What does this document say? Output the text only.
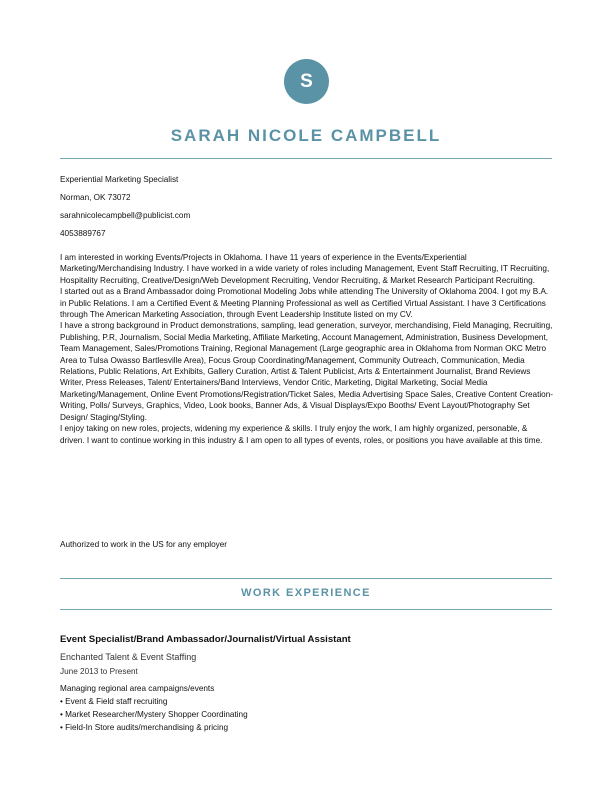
S
SARAH NICOLE CAMPBELL
Experiential Marketing Specialist
Norman, OK 73072
sarahnicolecampbell@publicist.com
4053889767

I am interested in working Events/Projects in Oklahoma. I have 11 years of experience in the Events/Experiential Marketing/Merchandising Industry. I have worked in a wide variety of roles including Management, Event Staff Recruiting, IT Recruiting, Hospitality Recruiting, Creative/Design/Web Development Recruiting, Vendor Recruiting, & Market Research Participant Recruiting.

I started out as a Brand Ambassador doing Promotional Modeling Jobs while attending The University of Oklahoma 2004. I got my B.A. in Public Relations. I am a Certified Event & Meeting Planning Professional as well as Certified Virtual Assistant. I have 3 Certifications through The American Marketing Association, through Event Leadership Institute listed on my CV.

I have a strong background in Product demonstrations, sampling, lead generation, surveyor, merchandising, Field Managing, Recruiting, Publishing, P.R, Journalism, Social Media Marketing, Affiliate Marketing, Account Management, Administration, Business Development, Team Management, Sales/Promotions Training, Regional Management (Large geographic area in Oklahoma from Norman OKC Metro Area to Tulsa Owasso Bartlesville Area), Focus Group Coordinating/Management, Community Outreach, Communication, Media Relations, Public Relations, Art Exhibits, Gallery Curation, Artist & Talent Publicist, Arts & Entertainment Journalist, Brand Reviews Writer, Press Releases, Talent/ Entertainers/Band Interviews, Vendor Critic, Marketing, Digital Marketing, Social Media Marketing/Management, Online Event Promotions/Registration/Ticket Sales, Media Advertising Space Sales, Creative Content Creation- Writing, Polls/ Surveys, Graphics, Video, Look books, Banner Ads, & Visual Displays/Expo Booths/ Event Layout/Photography Set Design/ Staging/Styling.

I enjoy taking on new roles, projects, widening my experience & skills. I truly enjoy the work, I am highly organized, personable, & driven. I want to continue working in this industry & I am open to all types of events, roles, or positions you have available at this time.

Authorized to work in the US for any employer
WORK EXPERIENCE
Event Specialist/Brand Ambassador/Journalist/Virtual Assistant
Enchanted Talent & Event Staffing
June 2013 to Present
Managing regional area campaigns/events
• Event & Field staff recruiting
• Market Researcher/Mystery Shopper Coordinating
• Field-In Store audits/merchandising & pricing
